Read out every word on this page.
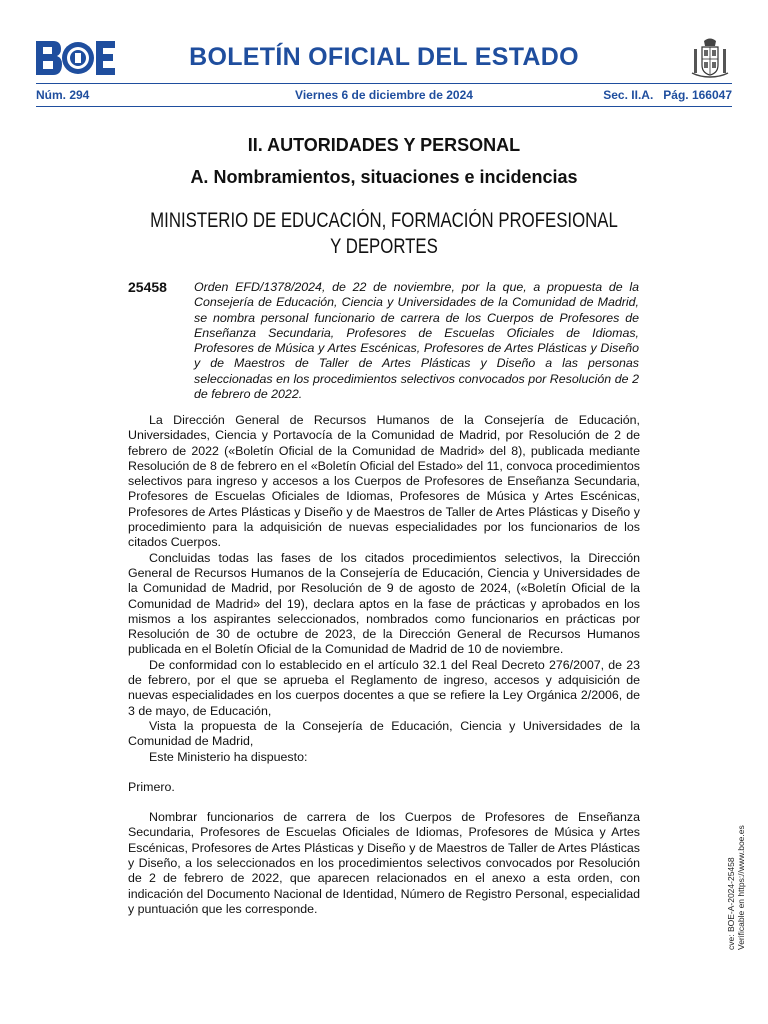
BOLETÍN OFICIAL DEL ESTADO
Núm. 294	Viernes 6 de diciembre de 2024	Sec. II.A. Pág. 166047
II. AUTORIDADES Y PERSONAL
A. Nombramientos, situaciones e incidencias
MINISTERIO DE EDUCACIÓN, FORMACIÓN PROFESIONAL
Y DEPORTES
25458 Orden EFD/1378/2024, de 22 de noviembre, por la que, a propuesta de la Consejería de Educación, Ciencia y Universidades de la Comunidad de Madrid, se nombra personal funcionario de carrera de los Cuerpos de Profesores de Enseñanza Secundaria, Profesores de Escuelas Oficiales de Idiomas, Profesores de Música y Artes Escénicas, Profesores de Artes Plásticas y Diseño y de Maestros de Taller de Artes Plásticas y Diseño a las personas seleccionadas en los procedimientos selectivos convocados por Resolución de 2 de febrero de 2022.

La Dirección General de Recursos Humanos de la Consejería de Educación, Universidades, Ciencia y Portavocía de la Comunidad de Madrid, por Resolución de 2 de febrero de 2022 («Boletín Oficial de la Comunidad de Madrid» del 8), publicada mediante Resolución de 8 de febrero en el «Boletín Oficial del Estado» del 11, convoca procedimientos selectivos para ingreso y accesos a los Cuerpos de Profesores de Enseñanza Secundaria, Profesores de Escuelas Oficiales de Idiomas, Profesores de Música y Artes Escénicas, Profesores de Artes Plásticas y Diseño y de Maestros de Taller de Artes Plásticas y Diseño y procedimiento para la adquisición de nuevas especialidades por los funcionarios de los citados Cuerpos.

Concluidas todas las fases de los citados procedimientos selectivos, la Dirección General de Recursos Humanos de la Consejería de Educación, Ciencia y Universidades de la Comunidad de Madrid, por Resolución de 9 de agosto de 2024, («Boletín Oficial de la Comunidad de Madrid» del 19), declara aptos en la fase de prácticas y aprobados en los mismos a los aspirantes seleccionados, nombrados como funcionarios en prácticas por Resolución de 30 de octubre de 2023, de la Dirección General de Recursos Humanos publicada en el Boletín Oficial de la Comunidad de Madrid de 10 de noviembre.

De conformidad con lo establecido en el artículo 32.1 del Real Decreto 276/2007, de 23 de febrero, por el que se aprueba el Reglamento de ingreso, accesos y adquisición de nuevas especialidades en los cuerpos docentes a que se refiere la Ley Orgánica 2/2006, de 3 de mayo, de Educación,

Vista la propuesta de la Consejería de Educación, Ciencia y Universidades de la Comunidad de Madrid,

Este Ministerio ha dispuesto:

Primero.

Nombrar funcionarios de carrera de los Cuerpos de Profesores de Enseñanza Secundaria, Profesores de Escuelas Oficiales de Idiomas, Profesores de Música y Artes Escénicas, Profesores de Artes Plásticas y Diseño y de Maestros de Taller de Artes Plásticas y Diseño, a los seleccionados en los procedimientos selectivos convocados por Resolución de 2 de febrero de 2022, que aparecen relacionados en el anexo a esta orden, con indicación del Documento Nacional de Identidad, Número de Registro Personal, especialidad y puntuación que les corresponde.	cve: BOE-A-2024-25458 Verificable en https://www.boe.es
